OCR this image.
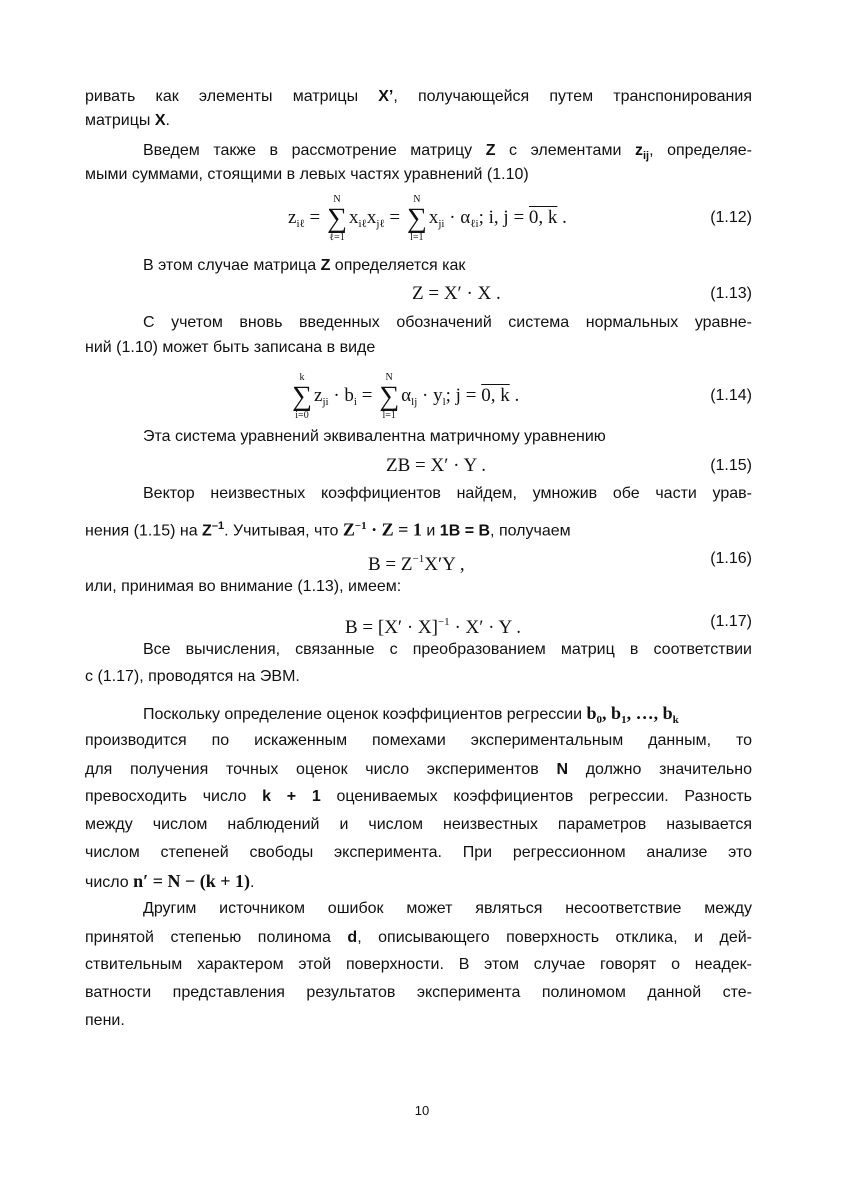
ривать как элементы матрицы X’, получающейся путем транспонирования
матрицы X.
Введем также в рассмотрение матрицу Z с элементами $z_{ij}$, определяе-
мыми суммами, стоящими в левых частях уравнений (1.10)
В этом случае матрица Z определяется как
С учетом вновь введенных обозначений система нормальных уравне-
ний (1.10) может быть записана в виде
Эта система уравнений эквивалентна матричному уравнению
Вектор неизвестных коэффициентов найдем, умножив обе части урав-
нения (1.15) на $Z^{-1}$. Учитывая, что $Z^{-1} \cdot Z = 1$ и 1B = B, получаем
или, принимая во внимание (1.13), имеем:
Все вычисления, связанные с преобразованием матриц в соответствии
с (1.17), проводятся на ЭВМ.
Поскольку определение оценок коэффициентов регрессии $b_0$, $b_1$, …, $b_k$
производится по искаженным помехами экспериментальным данным, то
для получения точных оценок число экспериментов N должно значительно
превосходить число k + 1 оцениваемых коэффициентов регрессии. Разность
между числом наблюдений и числом неизвестных параметров называется
числом степеней свободы эксперимента. При регрессионном анализе это
число n′ = N − (k + 1).
Другим источником ошибок может являться несоответствие между
принятой степенью полинома d, описывающего поверхность отклика, и дей-
ствительным характером этой поверхности. В этом случае говорят о неадек-
ватности представления результатов эксперимента полиномом данной сте-
пени.
$z_{i\ell}$ =
N
∑
ℓ=1
$x_{i\ell}x_{j\ell}$ =
N
∑
l=1
$x_{ji} \cdot \alpha_{\ell i}$; i, j = 0, k .	(1.12)
Z = X′ · X .	(1.13)
k
∑
i=0
$z_{ji} \cdot b_i$ =
N
∑
l=1
$\alpha_{lj} \cdot y_l$; j = 0, k .	(1.14)
ZB = X′ · Y .	(1.15)
$B = Z^{-1}X'Y$ ,	(1.16)
$B = [X' \cdot X]^{-1} \cdot X' \cdot Y$ .	(1.17)
10
